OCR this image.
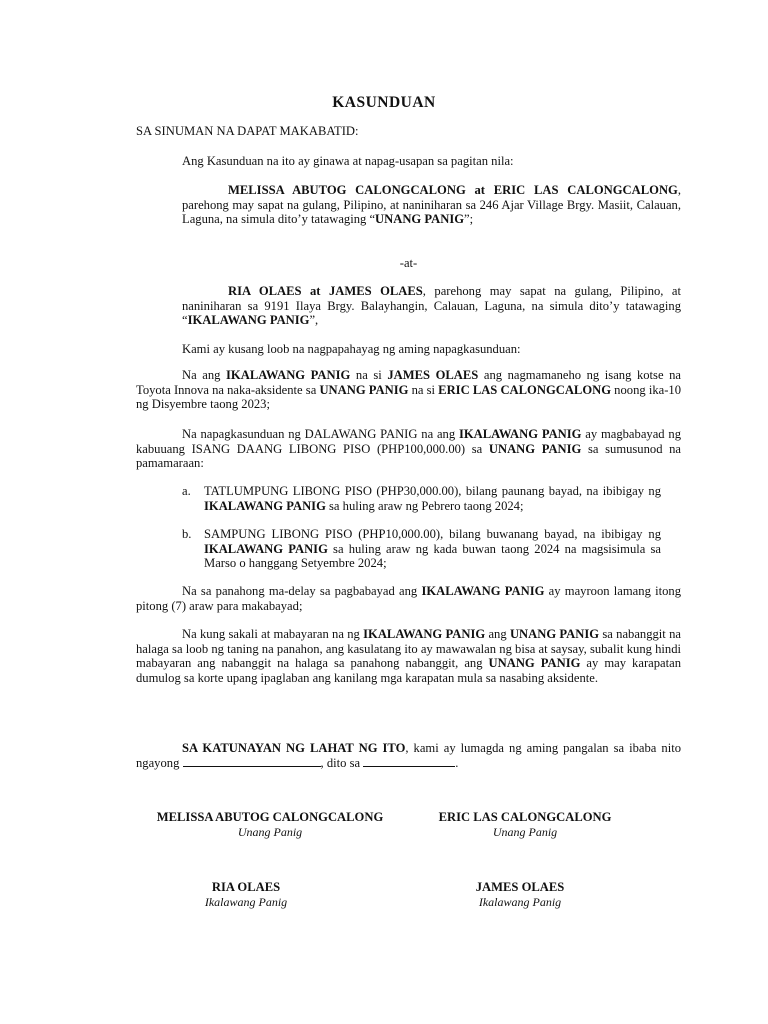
KASUNDUAN

SA SINUMAN NA DAPAT MAKABATID:

Ang Kasunduan na ito ay ginawa at napag-usapan sa pagitan nila:

MELISSA ABUTOG CALONGCALONG at ERIC LAS CALONGCALONG, parehong may sapat na gulang, Pilipino, at naniniharan sa 246 Ajar Village Brgy. Masiit, Calauan, Laguna, na simula dito’y tatawaging “UNANG PANIG”;

-at-

RIA OLAES at JAMES OLAES, parehong may sapat na gulang, Pilipino, at naniniharan sa 9191 Ilaya Brgy. Balayhangin, Calauan, Laguna, na simula dito’y tatawaging “IKALAWANG PANIG”,

Kami ay kusang loob na nagpapahayag ng aming napagkasunduan:

Na ang IKALAWANG PANIG na si JAMES OLAES ang nagmamaneho ng isang kotse na Toyota Innova na naka-aksidente sa UNANG PANIG na si ERIC LAS CALONGCALONG noong ika-10 ng Disyembre taong 2023;

Na napagkasunduan ng DALAWANG PANIG na ang IKALAWANG PANIG ay magbabayad ng kabuuang ISANG DAANG LIBONG PISO (PHP100,000.00) sa UNANG PANIG sa sumusunod na pamamaraan:

a. TATLUMPUNG LIBONG PISO (PHP30,000.00), bilang paunang bayad, na ibibigay ng IKALAWANG PANIG sa huling araw ng Pebrero taong 2024;

b. SAMPUNG LIBONG PISO (PHP10,000.00), bilang buwanang bayad, na ibibigay ng IKALAWANG PANIG sa huling araw ng kada buwan taong 2024 na magsisimula sa Marso o hanggang Setyembre 2024;

Na sa panahong ma-delay sa pagbabayad ang IKALAWANG PANIG ay mayroon lamang itong pitong (7) araw para makabayad;

Na kung sakali at mabayaran na ng IKALAWANG PANIG ang UNANG PANIG sa nabanggit na halaga sa loob ng taning na panahon, ang kasulatang ito ay mawawalan ng bisa at saysay, subalit kung hindi mabayaran ang nabanggit na halaga sa panahong nabanggit, ang UNANG PANIG ay may karapatan dumulog sa korte upang ipaglaban ang kanilang mga karapatan mula sa nasabing aksidente.

SA KATUNAYAN NG LAHAT NG ITO, kami ay lumagda ng aming pangalan sa ibaba nito ngayong	, dito sa	.

MELISSA ABUTOG CALONGCALONG

Unang Panig

ERIC LAS CALONGCALONG

Unang Panig

RIA OLAES

Ikalawang Panig

JAMES OLAES

Ikalawang Panig
